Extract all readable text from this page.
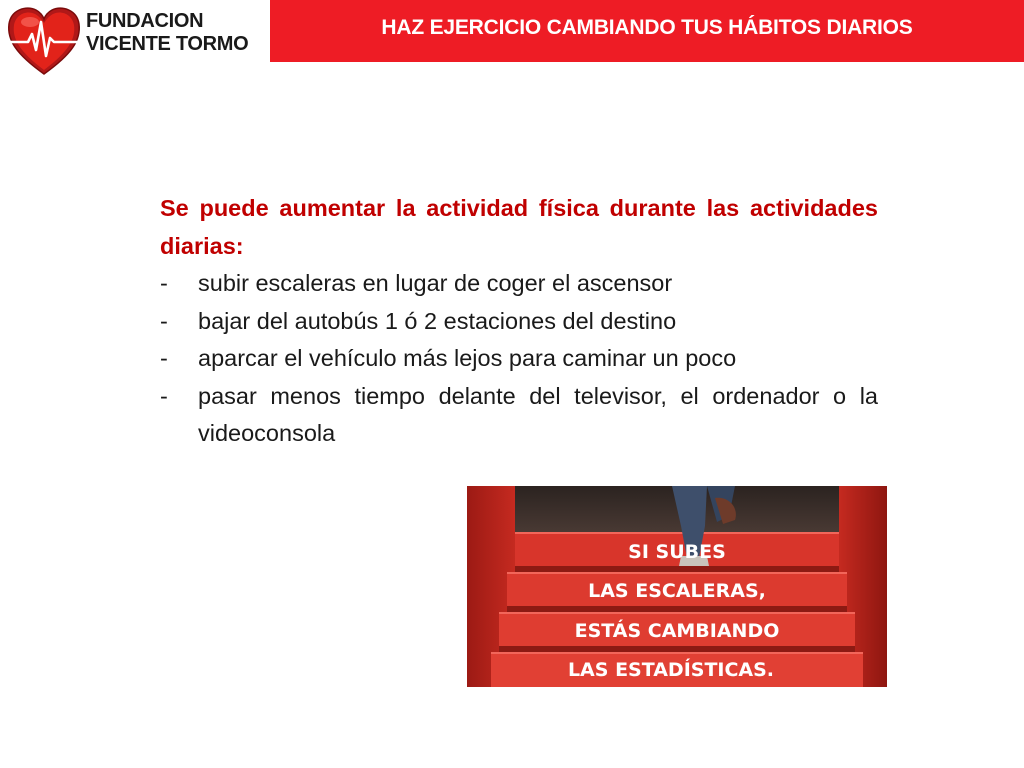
FUNDACION
VICENTE TORMO
HAZ EJERCICIO CAMBIANDO TUS HÁBITOS DIARIOS
Se puede aumentar la actividad física durante las actividades diarias:
- subir escaleras en lugar de coger el ascensor
- bajar del autobús 1 ó 2 estaciones del destino
- aparcar el vehículo más lejos para caminar un poco
- pasar menos tiempo delante del televisor, el ordenador o la videoconsola
SI SUBES
LAS ESCALERAS,
ESTÁS CAMBIANDO
LAS ESTADÍSTICAS.
